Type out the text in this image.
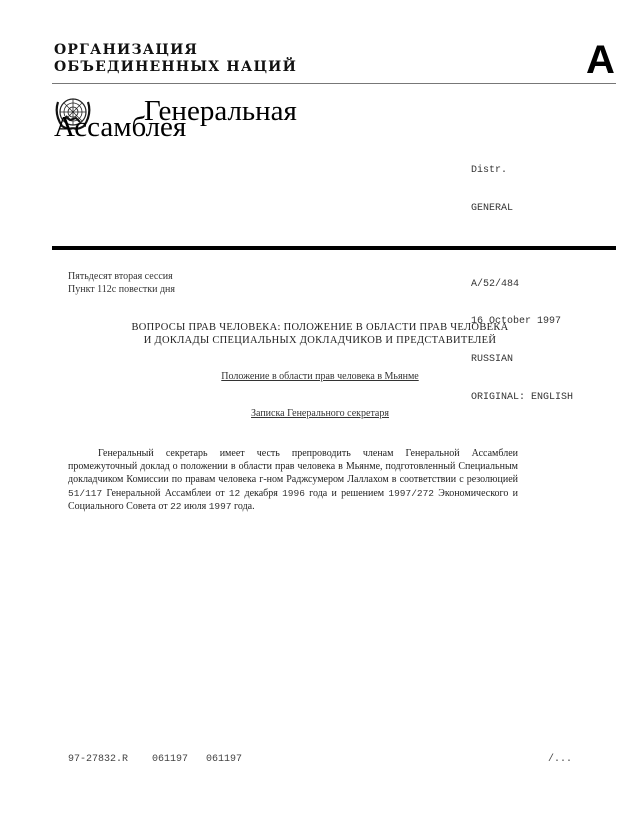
ОРГАНИЗАЦИЯ
ОБЪЕДИНЕННЫХ НАЦИЙ	A
Генеральная
Ассамблея

Distr.

GENERAL

A/52/484

16 October 1997

RUSSIAN

ORIGINAL: ENGLISH

Пятьдесят вторая сессия
Пункт 112с повестки дня
ВОПРОСЫ ПРАВ ЧЕЛОВЕКА: ПОЛОЖЕНИЕ В ОБЛАСТИ ПРАВ ЧЕЛОВЕКА
И ДОКЛАДЫ СПЕЦИАЛЬНЫХ ДОКЛАДЧИКОВ И ПРЕДСТАВИТЕЛЕЙ
Положение в области прав человека в Мьянме
Записка Генерального секретаря

Генеральный секретарь имеет честь препроводить членам Генеральной Ассамблеи промежуточный доклад о положении в области прав человека в Мьянме, подготовленный Специальным докладчиком Комиссии по правам человека г-ном Раджсумером Лаллахом в соответствии с резолюцией 51/117 Генеральной Ассамблеи от 12 декабря 1996 года и решением 1997/272 Экономического и Социального Совета от 22 июля 1997 года.

97-27832.R    061197   061197	/...
